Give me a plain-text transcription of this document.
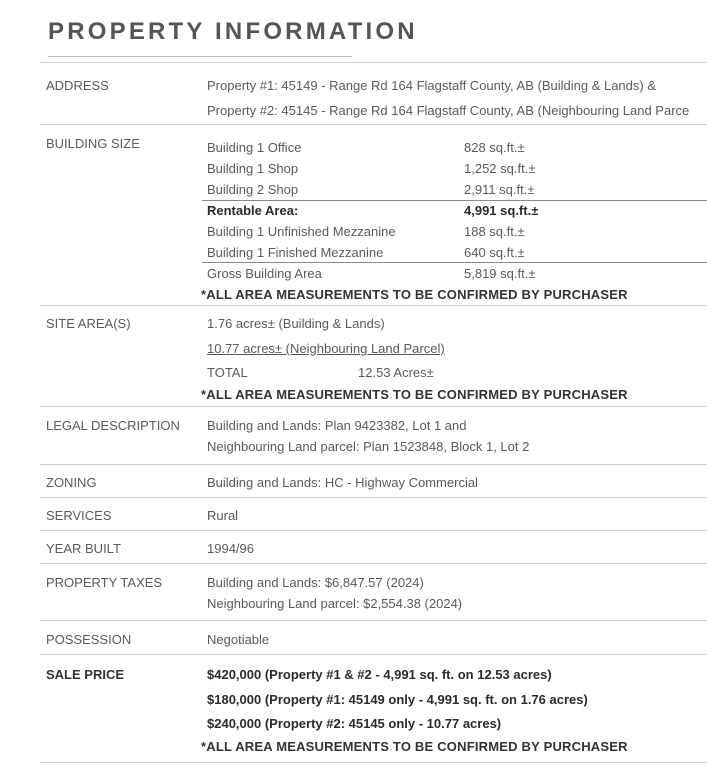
PROPERTY INFORMATION
ADDRESS	Property #1: 45149 - Range Rd 164 Flagstaff County, AB (Building & Lands) &
Property #2: 45145 - Range Rd 164 Flagstaff County, AB (Neighbouring Land Parce
BUILDING SIZE	Building 1 Office	828 sq.ft.±
Building 1 Shop	1,252 sq.ft.±
Building 2 Shop	2,911 sq.ft.±
Rentable Area:	4,991 sq.ft.±
Building 1 Unfinished Mezzanine	188 sq.ft.±
Building 1 Finished Mezzanine	640 sq.ft.±
Gross Building Area	5,819 sq.ft.±
*ALL AREA MEASUREMENTS TO BE CONFIRMED BY PURCHASER
SITE AREA(S)	1.76 acres± (Building & Lands)
10.77 acres± (Neighbouring Land Parcel)
TOTAL	12.53 Acres±
*ALL AREA MEASUREMENTS TO BE CONFIRMED BY PURCHASER
LEGAL DESCRIPTION Building and Lands: Plan 9423382, Lot 1 and
Neighbouring Land parcel: Plan 1523848, Block 1, Lot 2
ZONING	Building and Lands: HC - Highway Commercial
SERVICES	Rural
YEAR BUILT	1994/96
PROPERTY TAXES	Building and Lands: $6,847.57 (2024)
Neighbouring Land parcel: $2,554.38 (2024)
POSSESSION	Negotiable
SALE PRICE	$420,000 (Property #1 & #2 - 4,991 sq. ft. on 12.53 acres)
$180,000 (Property #1: 45149 only - 4,991 sq. ft. on 1.76 acres)
$240,000 (Property #2: 45145 only - 10.77 acres)
*ALL AREA MEASUREMENTS TO BE CONFIRMED BY PURCHASER
